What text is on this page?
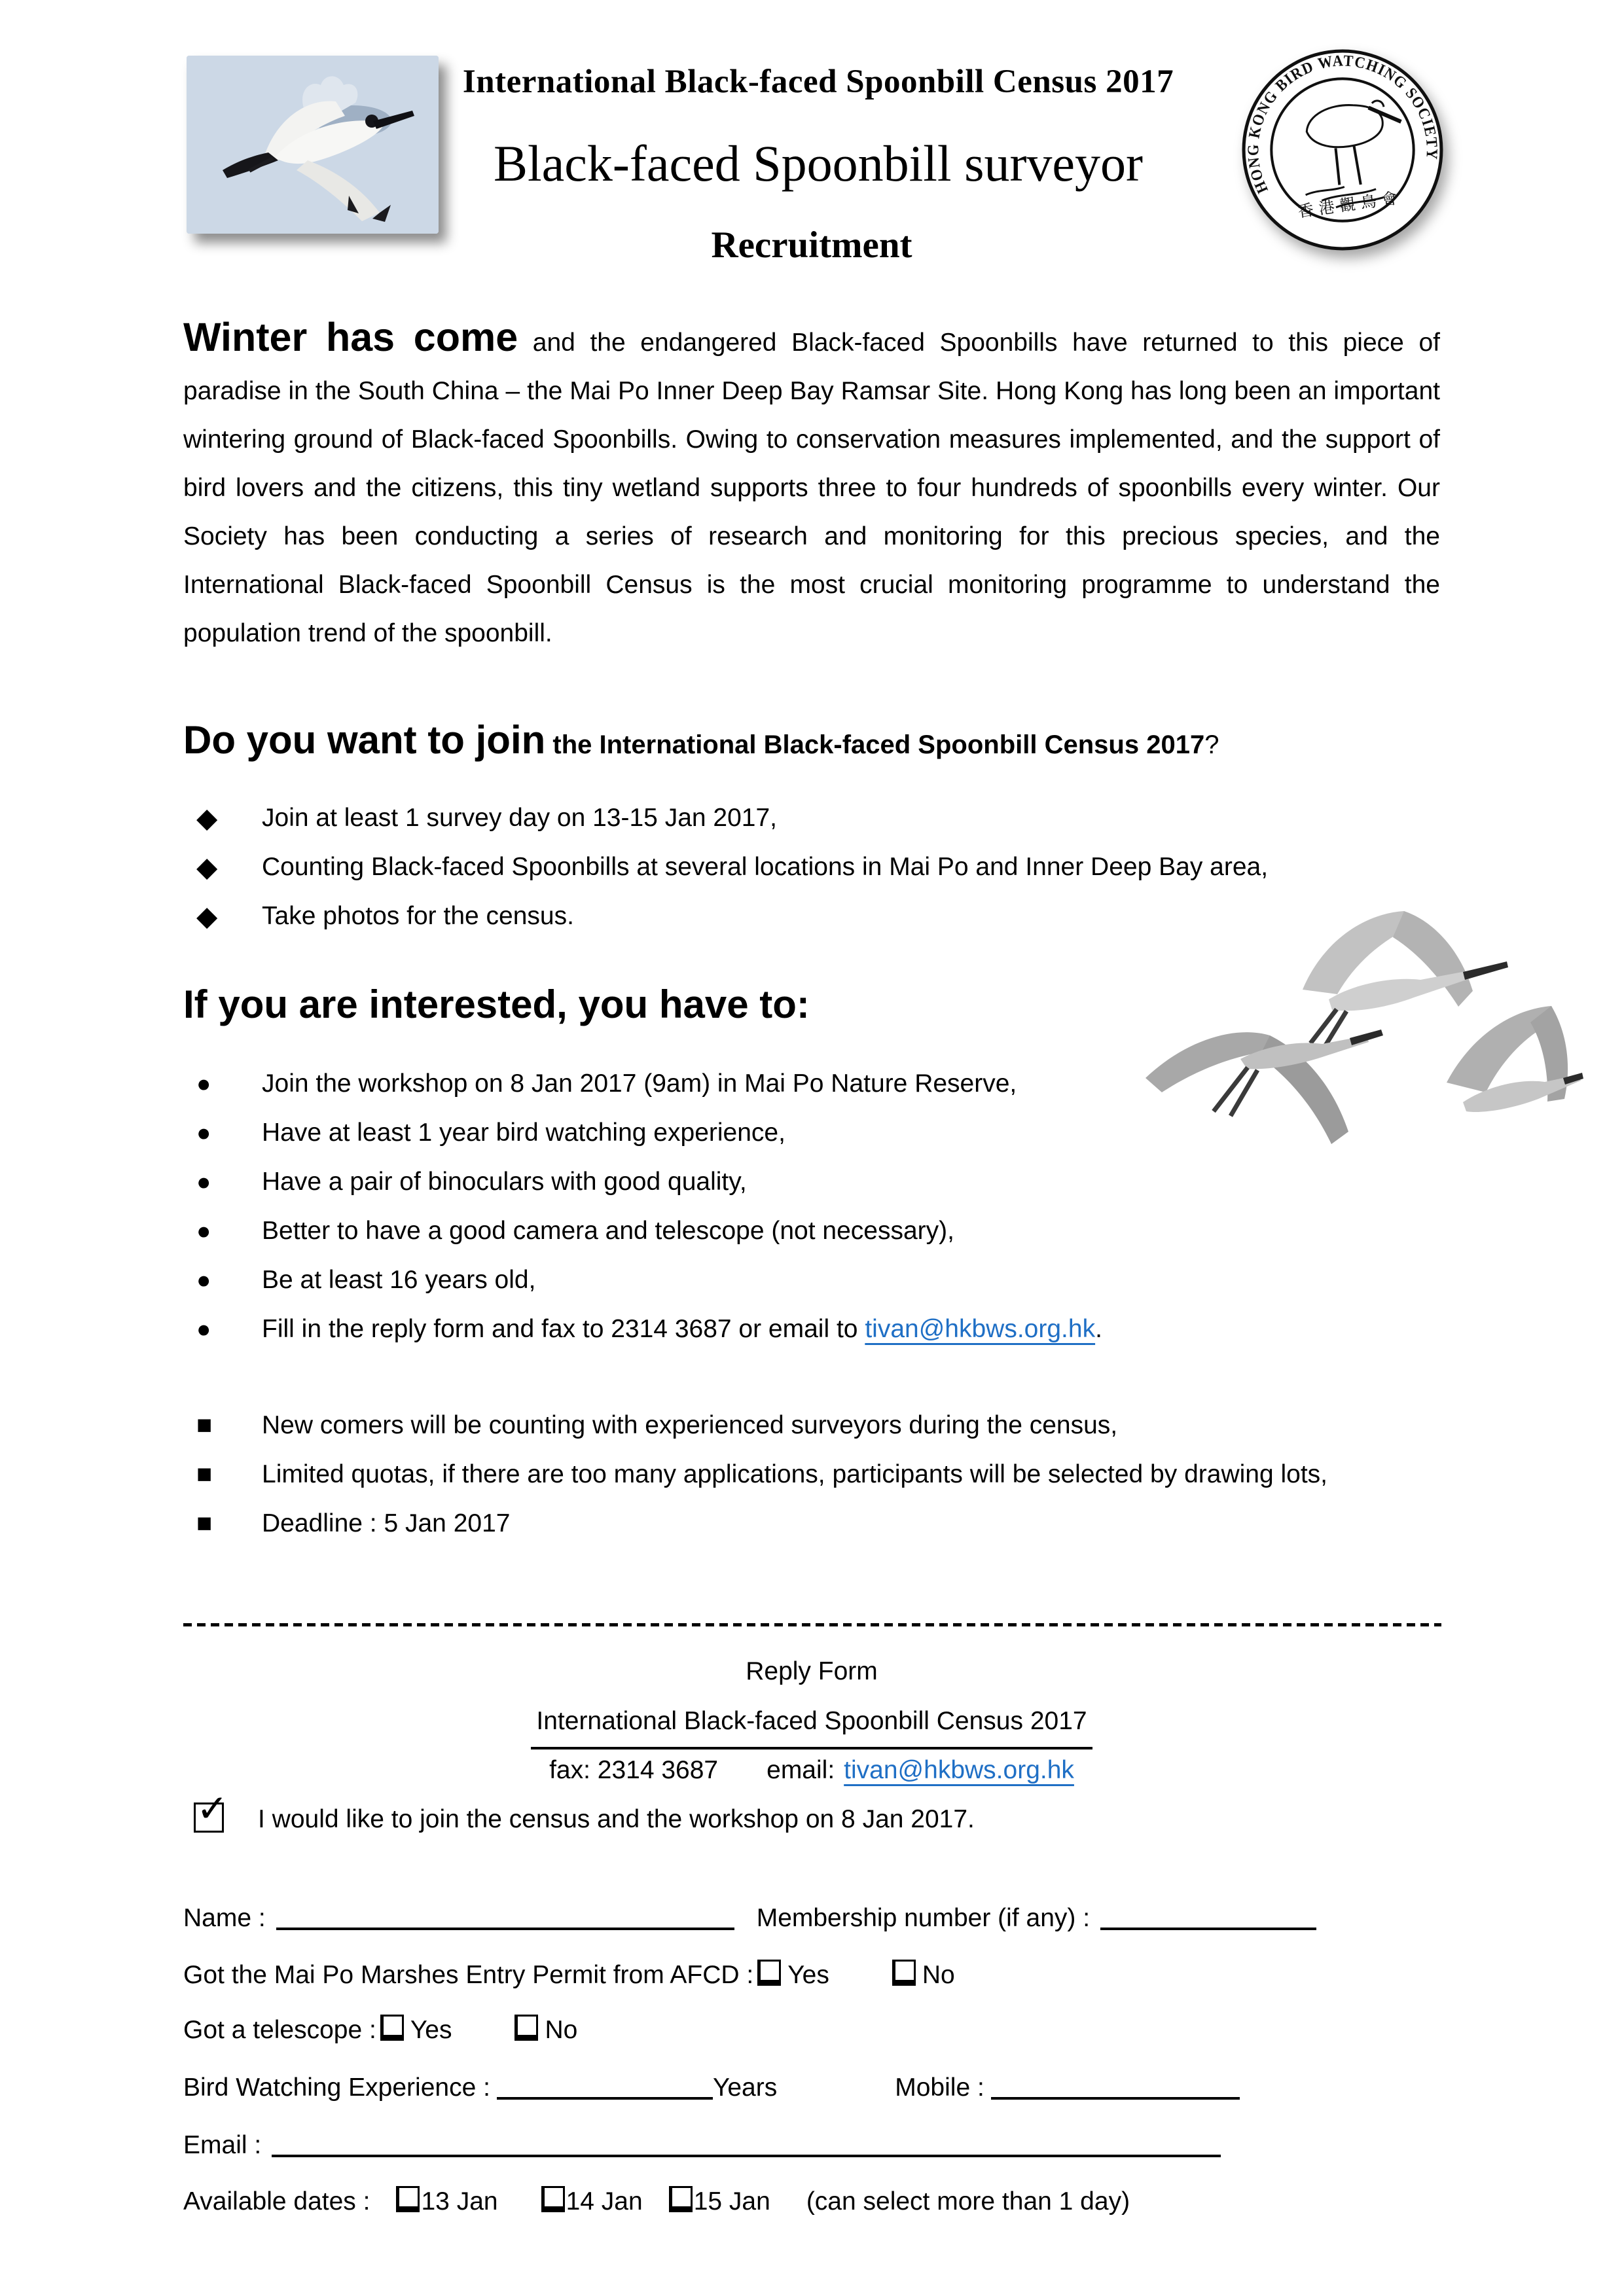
International Black-faced Spoonbill Census 2017
Black-faced Spoonbill surveyor	HONG KONG BIRD WATCHING SOCIETY
香港觀鳥會
Recruitment

Winter has come and the endangered Black-faced Spoonbills have returned to this piece of paradise in the South China – the Mai Po Inner Deep Bay Ramsar Site. Hong Kong has long been an important wintering ground of Black-faced Spoonbills. Owing to conservation measures implemented, and the support of bird lovers and the citizens, this tiny wetland supports three to four hundreds of spoonbills every winter. Our Society has been conducting a series of research and monitoring for this precious species, and the International Black-faced Spoonbill Census is the most crucial monitoring programme to understand the population trend of the spoonbill.

Do you want to join the International Black-faced Spoonbill Census 2017?
◆	Join at least 1 survey day on 13-15 Jan 2017,
◆	Counting Black-faced Spoonbills at several locations in Mai Po and Inner Deep Bay area,
◆	Take photos for the census.
If you are interested, you have to:
●	Join the workshop on 8 Jan 2017 (9am) in Mai Po Nature Reserve,
●	Have at least 1 year bird watching experience,
●	Have a pair of binoculars with good quality,
●	Better to have a good camera and telescope (not necessary),
●	Be at least 16 years old,
●	Fill in the reply form and fax to 2314 3687 or email to tivan@hkbws.org.hk.
■	New comers will be counting with experienced surveyors during the census,
■	Limited quotas, if there are too many applications, participants will be selected by drawing lots,
■	Deadline : 5 Jan 2017
Reply Form
International Black-faced Spoonbill Census 2017
fax: 2314 3687 email: tivan@hkbws.org.hk
✓ I would like to join the census and the workshop on 8 Jan 2017.
Name :	Membership number (if any) :
Got the Mai Po Marshes Entry Permit from AFCD : Yes	No
Got a telescope : Yes	No
Bird Watching Experience :	Years	Mobile :
Email :
Available dates : 13 Jan	14 Jan 15 Jan (can select more than 1 day)
